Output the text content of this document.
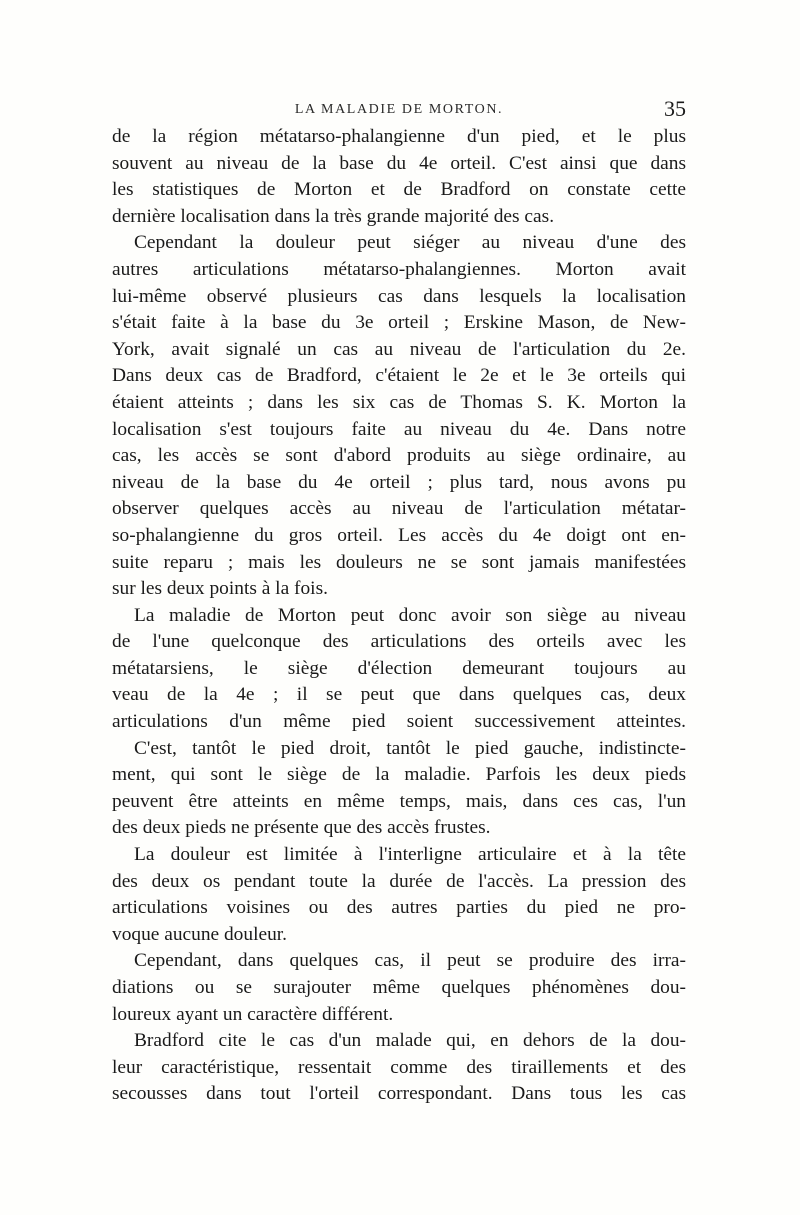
LA MALADIE DE MORTON.	35
de la région métatarso-phalangienne d'un pied, et le plus
souvent au niveau de la base du 4e orteil. C'est ainsi que dans
les statistiques de Morton et de Bradford on constate cette
dernière localisation dans la très grande majorité des cas.
Cependant la douleur peut siéger au niveau d'une des
autres articulations métatarso-phalangiennes. Morton avait
lui-même observé plusieurs cas dans lesquels la localisation
s'était faite à la base du 3e orteil ; Erskine Mason, de New-
York, avait signalé un cas au niveau de l'articulation du 2e.
Dans deux cas de Bradford, c'étaient le 2e et le 3e orteils qui
étaient atteints ; dans les six cas de Thomas S. K. Morton la
localisation s'est toujours faite au niveau du 4e. Dans notre
cas, les accès se sont d'abord produits au siège ordinaire, au
niveau de la base du 4e orteil ; plus tard, nous avons pu
observer quelques accès au niveau de l'articulation métatar-
so-phalangienne du gros orteil. Les accès du 4e doigt ont en-
suite reparu ; mais les douleurs ne se sont jamais manifestées
sur les deux points à la fois.
La maladie de Morton peut donc avoir son siège au niveau
de l'une quelconque des articulations des orteils avec les
métatarsiens, le siège d'élection demeurant toujours au
veau de la 4e ; il se peut que dans quelques cas, deux
articulations d'un même pied soient successivement atteintes.
C'est, tantôt le pied droit, tantôt le pied gauche, indistincte-
ment, qui sont le siège de la maladie. Parfois les deux pieds
peuvent être atteints en même temps, mais, dans ces cas, l'un
des deux pieds ne présente que des accès frustes.
La douleur est limitée à l'interligne articulaire et à la tête
des deux os pendant toute la durée de l'accès. La pression des
articulations voisines ou des autres parties du pied ne pro-
voque aucune douleur.
Cependant, dans quelques cas, il peut se produire des irra-
diations ou se surajouter même quelques phénomènes dou-
loureux ayant un caractère différent.
Bradford cite le cas d'un malade qui, en dehors de la dou-
leur caractéristique, ressentait comme des tiraillements et des
secousses dans tout l'orteil correspondant. Dans tous les cas
